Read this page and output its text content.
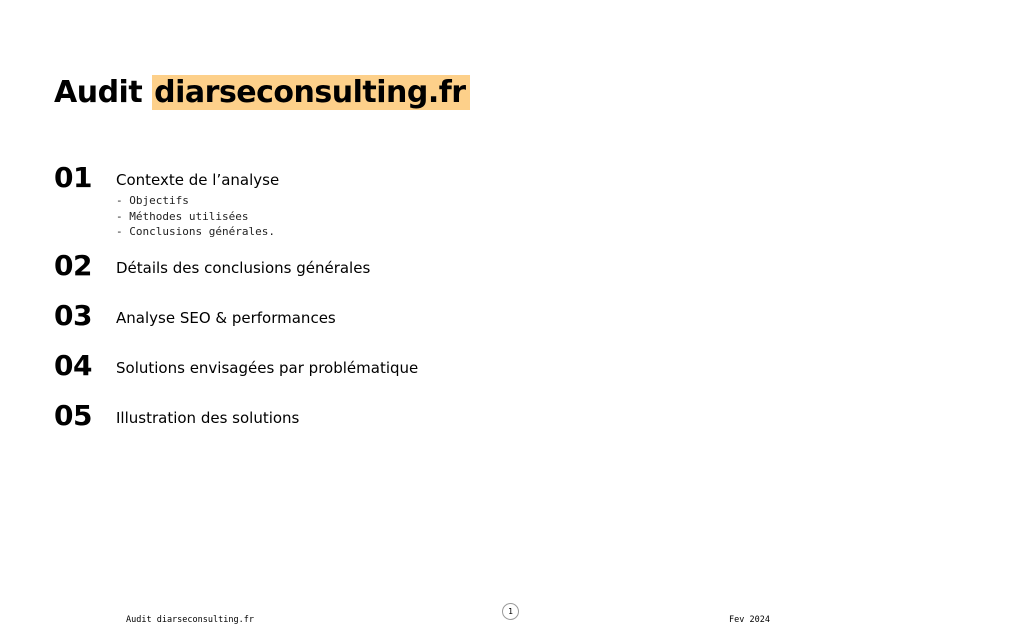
Audit diarseconsulting.fr
01 Contexte de l’analyse
- Objectifs
- Méthodes utilisées
- Conclusions générales.
02 Détails des conclusions générales
03 Analyse SEO & performances
04 Solutions envisagées par problématique
05 Illustration des solutions
Audit diarseconsulting.fr
1
Fev 2024
